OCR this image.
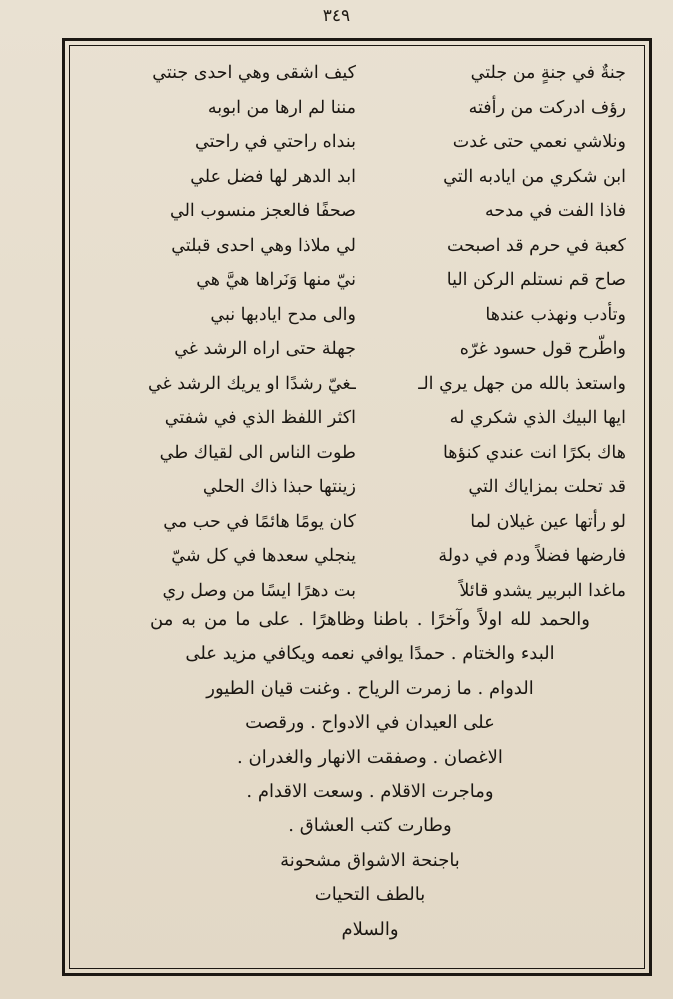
٣٤٩
جنةٌ في جنةٍ من جلتي
كيف اشقى وهي احدى جنتي
رؤف ادركت من رأفته
مننا لم ارها من ابوبه
ونلاشي نعمي حتى غدت
بنداه راحتي في راحتي
ابن شكري من ايادبه التي
ابد الدهر لها فضل علي
فاذا الفت في مدحه
صحفًا فالعجز منسوب الي
كعبة في حرم قد اصبحت
لي ملاذا وهي احدى قبلتي
صاح قم نستلم الركن اليا
نيّ منها وَنَراها هيَّ هي
وتأدب ونهذب عندها
والى مدح ايادبها نبي
واطّرح قول حسود غرّه
جهلة حتى اراه الرشد غي
واستعذ بالله من جهل يري الـ
ـغيّ رشدًا او يريك الرشد غي
ايها البيك الذي شكري له
اكثر اللفظ الذي في شفتي
هاك بكرًا انت عندي كنؤها
طوت الناس الى لقياك طي
قد تحلت بمزاياك التي
زينتها حبذا ذاك الحلي
لو رأتها عين غيلان لما
كان يومًا هائمًا في حب مي
فارضها فضلاً ودم في دولة
ينجلي سعدها في كل شيّ
ماغدا البربير يشدو قائلاً
بت دهرًا ايسًا من وصل ري
والحمد لله اولاً وآخرًا . باطنا وظاهرًا . على ما من به من
البدء والختام . حمدًا يوافي نعمه ويكافي مزيد على
الدوام . ما زمرت الرياح . وغنت قيان الطيور
على العيدان في الادواح . ورقصت
الاغصان . وصفقت الانهار والغدران .
وماجرت الاقلام . وسعت الاقدام .
وطارت كتب العشاق .
باجنحة الاشواق مشحونة
بالطف التحيات
والسلام
